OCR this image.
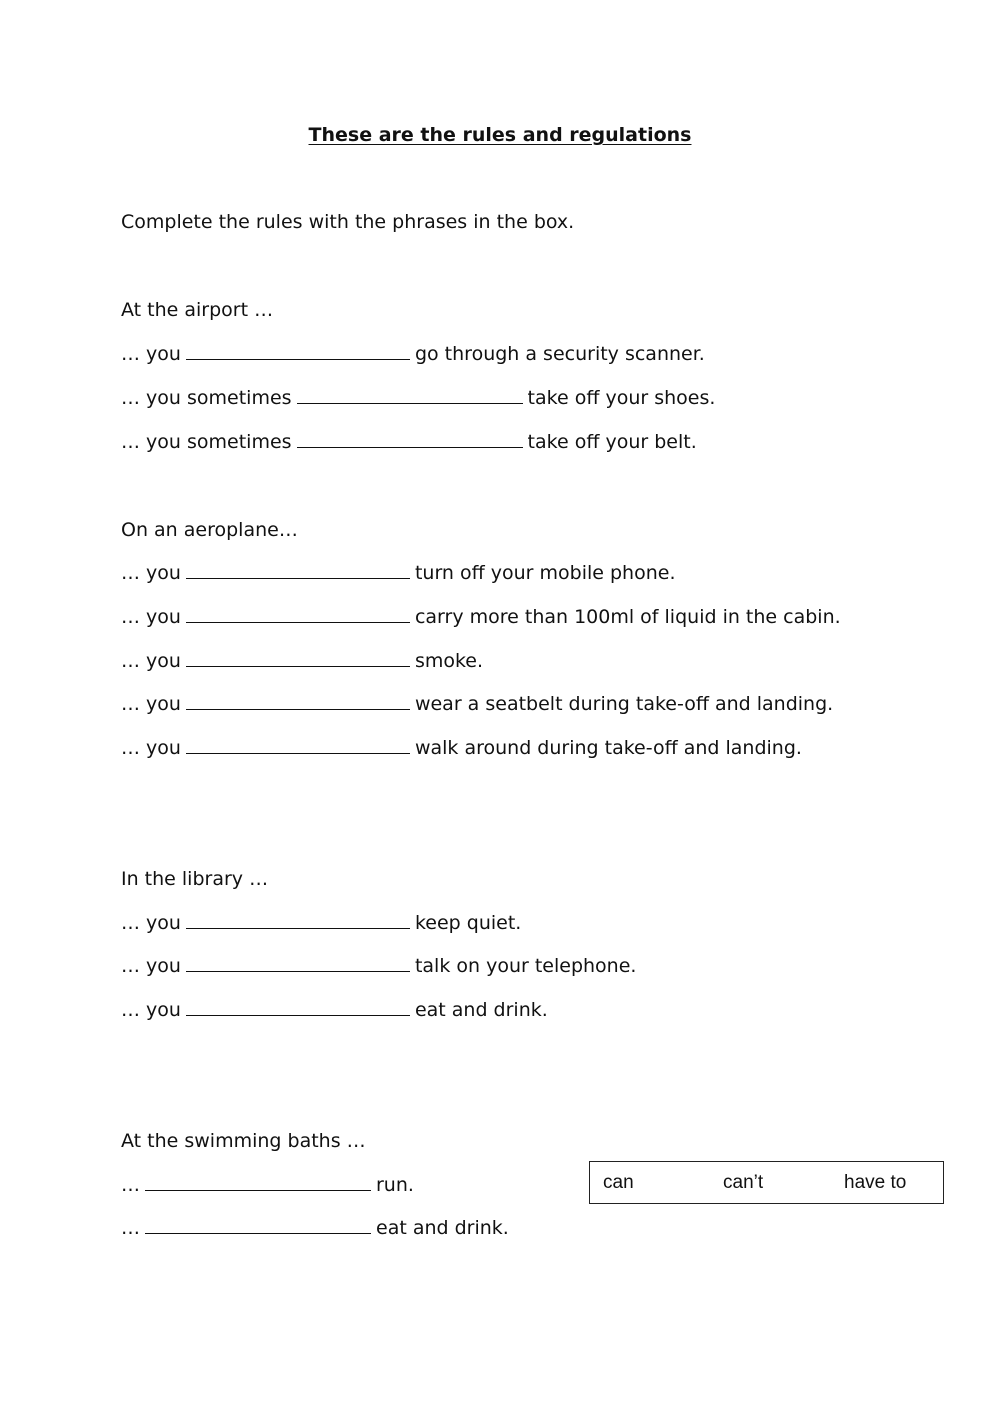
These are the rules and regulations
Complete the rules with the phrases in the box.
At the airport …
… you	go through a security scanner.
… you sometimes	take off your shoes.
… you sometimes	take off your belt.
On an aeroplane…
… you	turn off your mobile phone.
… you	carry more than 100ml of liquid in the cabin.
… you	smoke.
… you	wear a seatbelt during take-off and landing.
… you	walk around during take-off and landing.
In the library …
… you	keep quiet.
… you	talk on your telephone.
… you	eat and drink.
At the swimming baths …
…	run.
…	eat and drink.
can	can’t	have to
